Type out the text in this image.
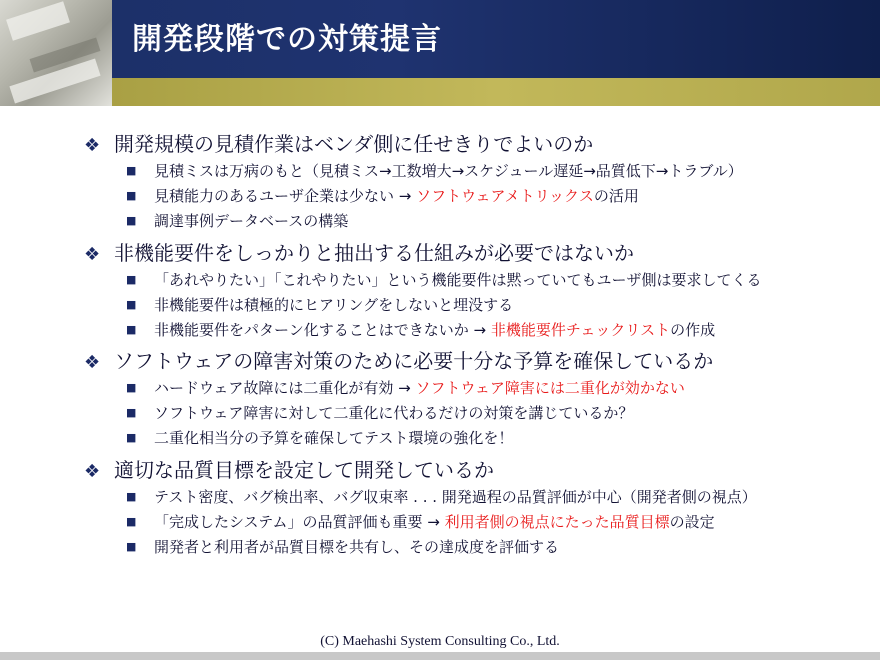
開発段階での対策提言
❖ 開発規模の見積作業はベンダ側に任せきりでよいのか
■ 見積ミスは万病のもと（見積ミス→工数増大→スケジュール遅延→品質低下→トラブル）
■ 見積能力のあるユーザ企業は少ない → ソフトウェアメトリックスの活用
■ 調達事例データベースの構築
❖ 非機能要件をしっかりと抽出する仕組みが必要ではないか
■ 「あれやりたい」「これやりたい」という機能要件は黙っていてもユーザ側は要求してくる
■ 非機能要件は積極的にヒアリングをしないと埋没する
■ 非機能要件をパターン化することはできないか → 非機能要件チェックリストの作成
❖ ソフトウェアの障害対策のために必要十分な予算を確保しているか
■ ハードウェア故障には二重化が有効 → ソフトウェア障害には二重化が効かない
■ ソフトウェア障害に対して二重化に代わるだけの対策を講じているか？
■ 二重化相当分の予算を確保してテスト環境の強化を！
❖ 適切な品質目標を設定して開発しているか
■ テスト密度、バグ検出率、バグ収束率 . . . 開発過程の品質評価が中心（開発者側の視点）
■ 「完成したシステム」の品質評価も重要 → 利用者側の視点にたった品質目標の設定
■ 開発者と利用者が品質目標を共有し、その達成度を評価する
(C) Maehashi System Consulting Co., Ltd.
